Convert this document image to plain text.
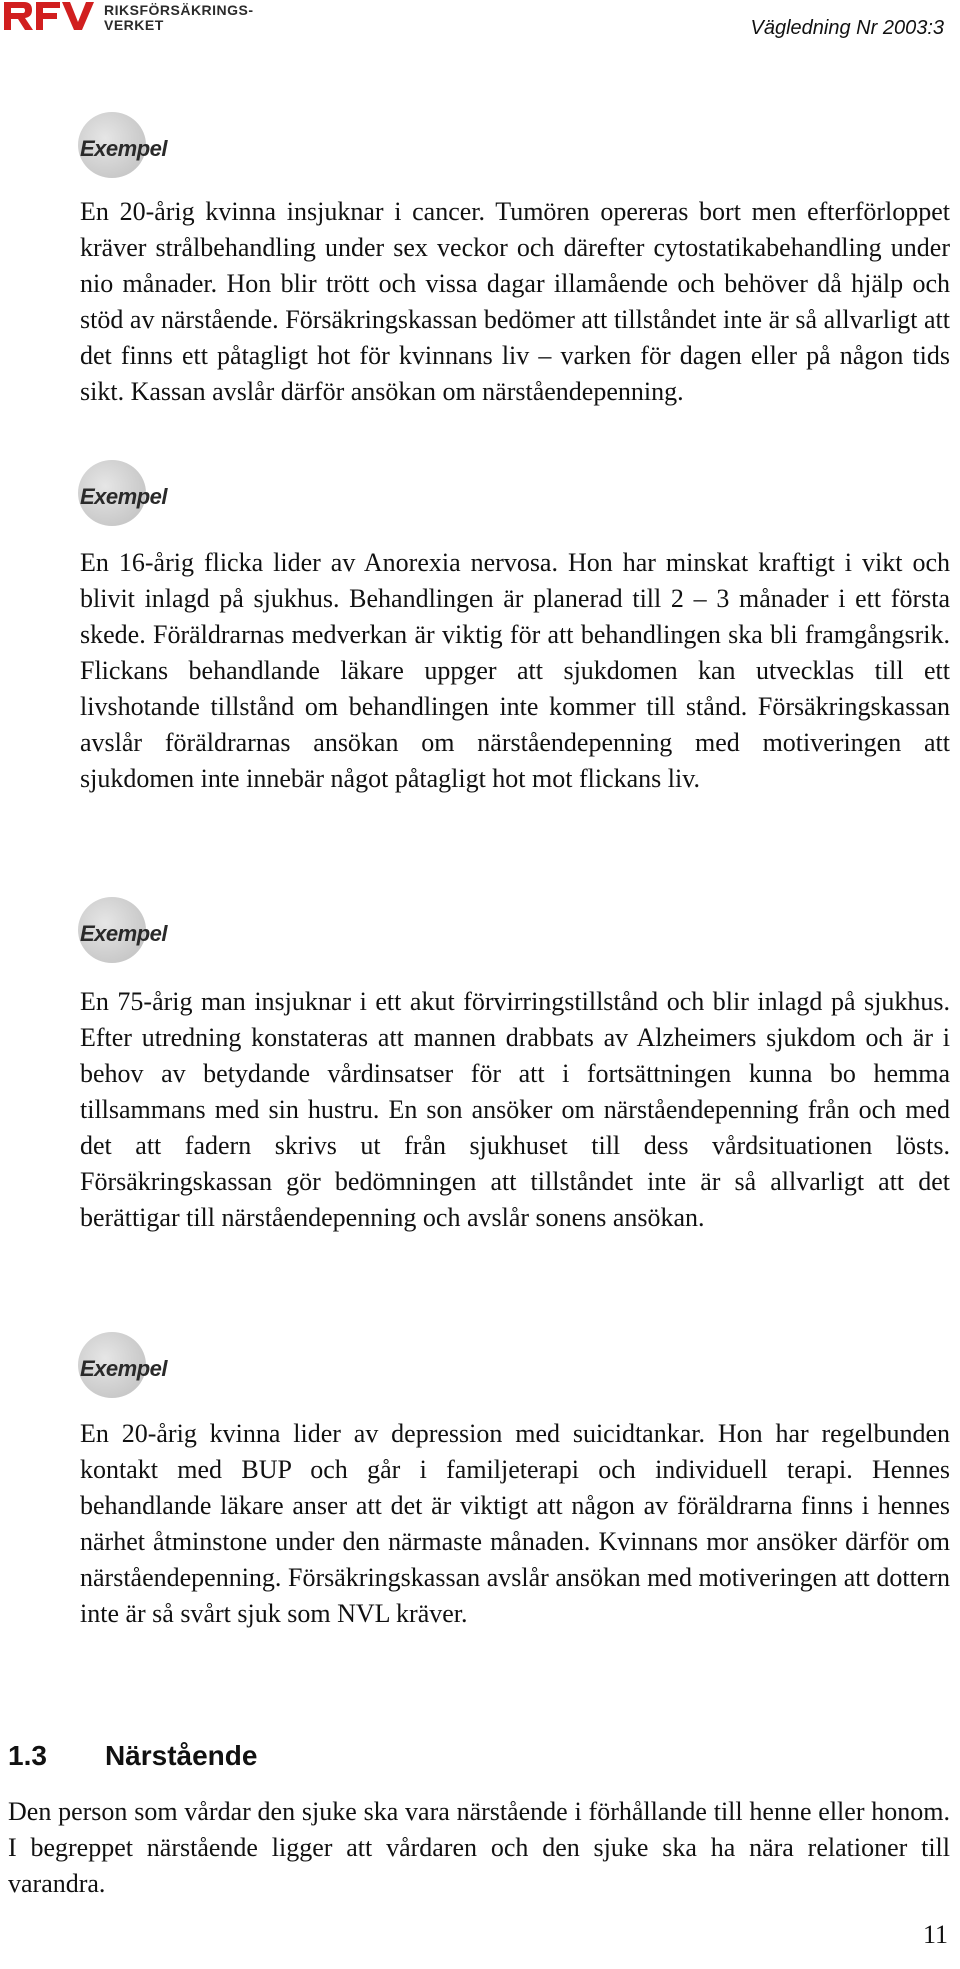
RIKSFÖRSÄKRINGS-
VERKET	Vägledning Nr 2003:3
Exempel

En 20-årig kvinna insjuknar i cancer. Tumören opereras bort men efterförloppet kräver strålbehandling under sex veckor och därefter cytostatikabehandling under nio månader. Hon blir trött och vissa dagar illamående och behöver då hjälp och stöd av närstående. Försäkringskassan bedömer att tillståndet inte är så allvarligt att det finns ett påtagligt hot för kvinnans liv – varken för dagen eller på någon tids sikt. Kassan avslår därför ansökan om närståendepenning.

Exempel

En 16-årig flicka lider av Anorexia nervosa. Hon har minskat kraftigt i vikt och blivit inlagd på sjukhus. Behandlingen är planerad till 2 – 3 månader i ett första skede. Föräldrarnas medverkan är viktig för att behandlingen ska bli framgångsrik. Flickans behandlande läkare uppger att sjukdomen kan utvecklas till ett livshotande tillstånd om behandlingen inte kommer till stånd. Försäkringskassan avslår föräldrarnas ansökan om närståendepenning med motiveringen att sjukdomen inte innebär något påtagligt hot mot flickans liv.

Exempel

En 75-årig man insjuknar i ett akut förvirringstillstånd och blir inlagd på sjukhus. Efter utredning konstateras att mannen drabbats av Alzheimers sjukdom och är i behov av betydande vårdinsatser för att i fortsättningen kunna bo hemma tillsammans med sin hustru. En son ansöker om närståendepenning från och med det att fadern skrivs ut från sjukhuset till dess vårdsituationen lösts. Försäkringskassan gör bedömningen att tillståndet inte är så allvarligt att det berättigar till närståendepenning och avslår sonens ansökan.

Exempel

En 20-årig kvinna lider av depression med suicidtankar. Hon har regelbunden kontakt med BUP och går i familjeterapi och individuell terapi. Hennes behandlande läkare anser att det är viktigt att någon av föräldrarna finns i hennes närhet åtminstone under den närmaste månaden. Kvinnans mor ansöker därför om närståendepenning. Försäkringskassan avslår ansökan med motiveringen att dottern inte är så svårt sjuk som NVL kräver.

1.3 Närstående

Den person som vårdar den sjuke ska vara närstående i förhållande till henne eller honom. I begreppet närstående ligger att vårdaren och den sjuke ska ha nära relationer till varandra.

11
